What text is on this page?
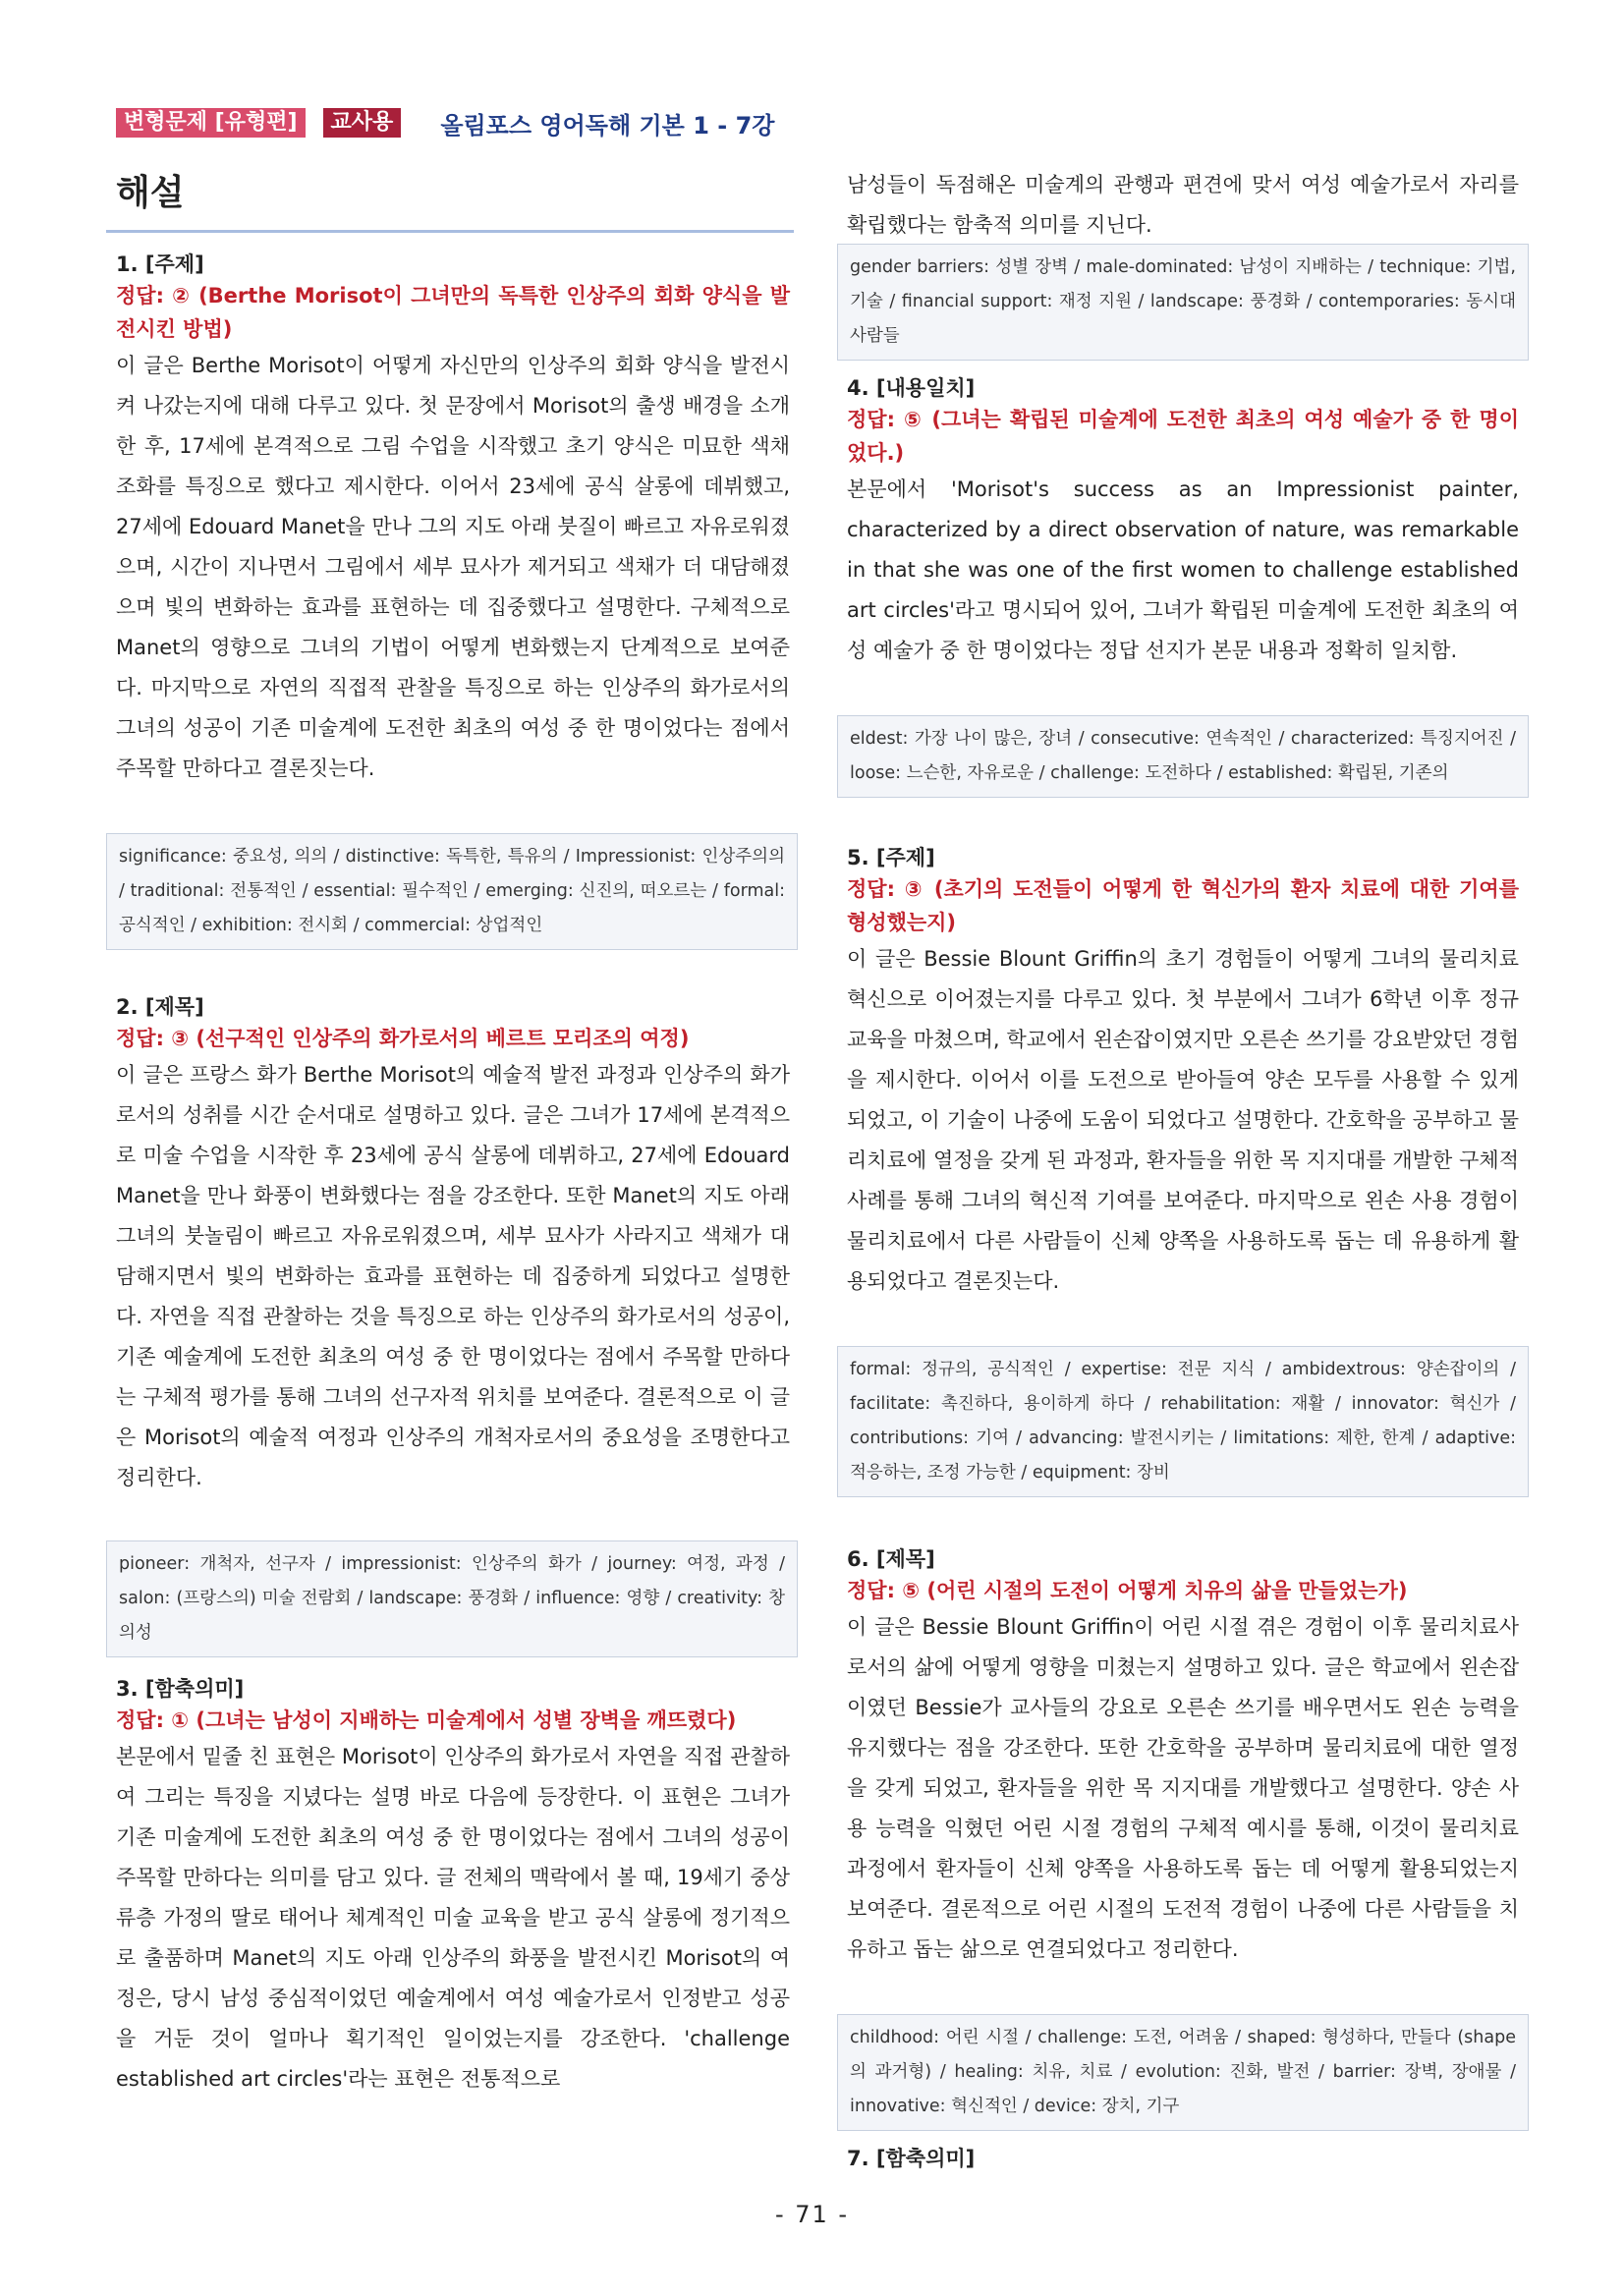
변형문제 [유형편]	교사용	올림포스 영어독해 기본 1 - 7강
해설
1. [주제]
정답: ② (Berthe Morisot이 그녀만의 독특한 인상주의 회화 양식을 발전시킨 방법)
이 글은 Berthe Morisot이 어떻게 자신만의 인상주의 회화 양식을 발전시켜 나갔는지에 대해 다루고 있다. 첫 문장에서 Morisot의 출생 배경을 소개한 후, 17세에 본격적으로 그림 수업을 시작했고 초기 양식은 미묘한 색채 조화를 특징으로 했다고 제시한다. 이어서 23세에 공식 살롱에 데뷔했고, 27세에 Edouard Manet을 만나 그의 지도 아래 붓질이 빠르고 자유로워졌으며, 시간이 지나면서 그림에서 세부 묘사가 제거되고 색채가 더 대담해졌으며 빛의 변화하는 효과를 표현하는 데 집중했다고 설명한다. 구체적으로 Manet의 영향으로 그녀의 기법이 어떻게 변화했는지 단계적으로 보여준다. 마지막으로 자연의 직접적 관찰을 특징으로 하는 인상주의 화가로서의 그녀의 성공이 기존 미술계에 도전한 최초의 여성 중 한 명이었다는 점에서 주목할 만하다고 결론짓는다.
significance: 중요성, 의의 / distinctive: 독특한, 특유의 / Impressionist: 인상주의의 / traditional: 전통적인 / essential: 필수적인 / emerging: 신진의, 떠오르는 / formal: 공식적인 / exhibition: 전시회 / commercial: 상업적인
2. [제목]
정답: ③ (선구적인 인상주의 화가로서의 베르트 모리조의 여정)
이 글은 프랑스 화가 Berthe Morisot의 예술적 발전 과정과 인상주의 화가로서의 성취를 시간 순서대로 설명하고 있다. 글은 그녀가 17세에 본격적으로 미술 수업을 시작한 후 23세에 공식 살롱에 데뷔하고, 27세에 Edouard Manet을 만나 화풍이 변화했다는 점을 강조한다. 또한 Manet의 지도 아래 그녀의 붓놀림이 빠르고 자유로워졌으며, 세부 묘사가 사라지고 색채가 대담해지면서 빛의 변화하는 효과를 표현하는 데 집중하게 되었다고 설명한다. 자연을 직접 관찰하는 것을 특징으로 하는 인상주의 화가로서의 성공이, 기존 예술계에 도전한 최초의 여성 중 한 명이었다는 점에서 주목할 만하다는 구체적 평가를 통해 그녀의 선구자적 위치를 보여준다. 결론적으로 이 글은 Morisot의 예술적 여정과 인상주의 개척자로서의 중요성을 조명한다고 정리한다.
pioneer: 개척자, 선구자 / impressionist: 인상주의 화가 / journey: 여정, 과정 / salon: (프랑스의) 미술 전람회 / landscape: 풍경화 / influence: 영향 / creativity: 창의성
3. [함축의미]
정답: ① (그녀는 남성이 지배하는 미술계에서 성별 장벽을 깨뜨렸다)
본문에서 밑줄 친 표현은 Morisot이 인상주의 화가로서 자연을 직접 관찰하여 그리는 특징을 지녔다는 설명 바로 다음에 등장한다. 이 표현은 그녀가 기존 미술계에 도전한 최초의 여성 중 한 명이었다는 점에서 그녀의 성공이 주목할 만하다는 의미를 담고 있다. 글 전체의 맥락에서 볼 때, 19세기 중상류층 가정의 딸로 태어나 체계적인 미술 교육을 받고 공식 살롱에 정기적으로 출품하며 Manet의 지도 아래 인상주의 화풍을 발전시킨 Morisot의 여정은, 당시 남성 중심적이었던 예술계에서 여성 예술가로서 인정받고 성공을 거둔 것이 얼마나 획기적인 일이었는지를 강조한다. 'challenge established art circles'라는 표현은 전통적으로
남성들이 독점해온 미술계의 관행과 편견에 맞서 여성 예술가로서 자리를 확립했다는 함축적 의미를 지닌다.
gender barriers: 성별 장벽 / male-dominated: 남성이 지배하는 / technique: 기법, 기술 / financial support: 재정 지원 / landscape: 풍경화 / contemporaries: 동시대 사람들
4. [내용일치]
정답: ⑤ (그녀는 확립된 미술계에 도전한 최초의 여성 예술가 중 한 명이었다.)
본문에서 'Morisot's success as an Impressionist painter, characterized by a direct observation of nature, was remarkable in that she was one of the first women to challenge established art circles'라고 명시되어 있어, 그녀가 확립된 미술계에 도전한 최초의 여성 예술가 중 한 명이었다는 정답 선지가 본문 내용과 정확히 일치함.
eldest: 가장 나이 많은, 장녀 / consecutive: 연속적인 / characterized: 특징지어진 / loose: 느슨한, 자유로운 / challenge: 도전하다 / established: 확립된, 기존의
5. [주제]
정답: ③ (초기의 도전들이 어떻게 한 혁신가의 환자 치료에 대한 기여를 형성했는지)
이 글은 Bessie Blount Griffin의 초기 경험들이 어떻게 그녀의 물리치료 혁신으로 이어졌는지를 다루고 있다. 첫 부분에서 그녀가 6학년 이후 정규 교육을 마쳤으며, 학교에서 왼손잡이였지만 오른손 쓰기를 강요받았던 경험을 제시한다. 이어서 이를 도전으로 받아들여 양손 모두를 사용할 수 있게 되었고, 이 기술이 나중에 도움이 되었다고 설명한다. 간호학을 공부하고 물리치료에 열정을 갖게 된 과정과, 환자들을 위한 목 지지대를 개발한 구체적 사례를 통해 그녀의 혁신적 기여를 보여준다. 마지막으로 왼손 사용 경험이 물리치료에서 다른 사람들이 신체 양쪽을 사용하도록 돕는 데 유용하게 활용되었다고 결론짓는다.
formal: 정규의, 공식적인 / expertise: 전문 지식 / ambidextrous: 양손잡이의 / facilitate: 촉진하다, 용이하게 하다 / rehabilitation: 재활 / innovator: 혁신가 / contributions: 기여 / advancing: 발전시키는 / limitations: 제한, 한계 / adaptive: 적응하는, 조정 가능한 / equipment: 장비
6. [제목]
정답: ⑤ (어린 시절의 도전이 어떻게 치유의 삶을 만들었는가)
이 글은 Bessie Blount Griffin이 어린 시절 겪은 경험이 이후 물리치료사로서의 삶에 어떻게 영향을 미쳤는지 설명하고 있다. 글은 학교에서 왼손잡이였던 Bessie가 교사들의 강요로 오른손 쓰기를 배우면서도 왼손 능력을 유지했다는 점을 강조한다. 또한 간호학을 공부하며 물리치료에 대한 열정을 갖게 되었고, 환자들을 위한 목 지지대를 개발했다고 설명한다. 양손 사용 능력을 익혔던 어린 시절 경험의 구체적 예시를 통해, 이것이 물리치료 과정에서 환자들이 신체 양쪽을 사용하도록 돕는 데 어떻게 활용되었는지 보여준다. 결론적으로 어린 시절의 도전적 경험이 나중에 다른 사람들을 치유하고 돕는 삶으로 연결되었다고 정리한다.
childhood: 어린 시절 / challenge: 도전, 어려움 / shaped: 형성하다, 만들다 (shape의 과거형) / healing: 치유, 치료 / evolution: 진화, 발전 / barrier: 장벽, 장애물 / innovative: 혁신적인 / device: 장치, 기구
7. [함축의미]
- 71 -
